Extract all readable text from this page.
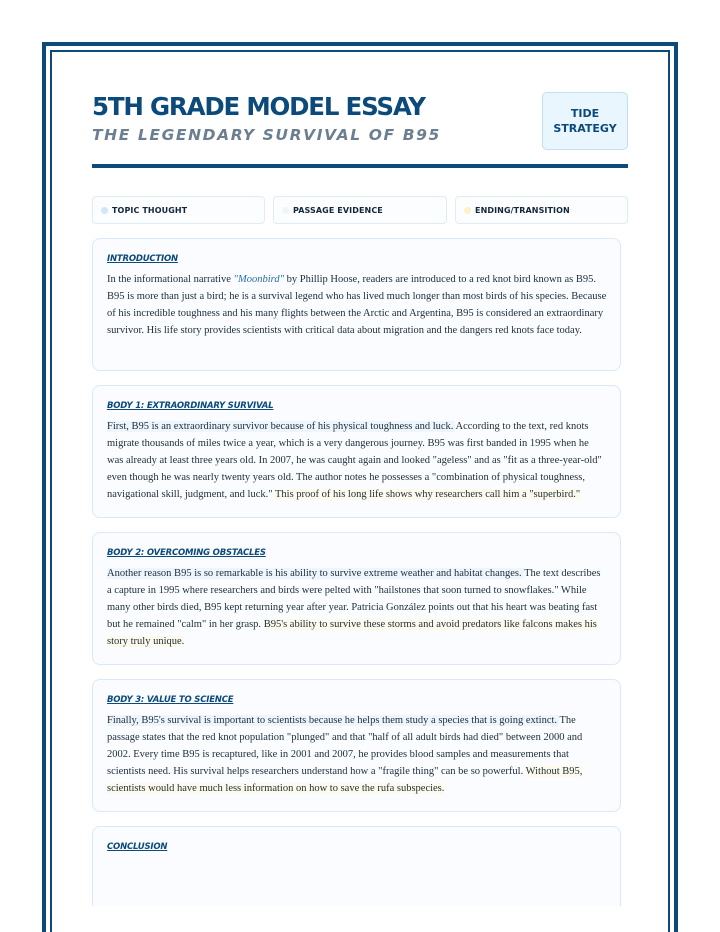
5TH GRADE MODEL ESSAY
THE LEGENDARY SURVIVAL OF B95
TIDE STRATEGY
TOPIC THOUGHT	PASSAGE EVIDENCE	ENDING/TRANSITION
INTRODUCTION
In the informational narrative "Moonbird" by Phillip Hoose, readers are introduced to a red knot bird known as B95. B95 is more than just a bird; he is a survival legend who has lived much longer than most birds of his species. Because of his incredible toughness and his many flights between the Arctic and Argentina, B95 is considered an extraordinary survivor. His life story provides scientists with critical data about migration and the dangers red knots face today.
BODY 1: EXTRAORDINARY SURVIVAL
First, B95 is an extraordinary survivor because of his physical toughness and luck. According to the text, red knots migrate thousands of miles twice a year, which is a very dangerous journey. B95 was first banded in 1995 when he was already at least three years old. In 2007, he was caught again and looked "ageless" and as "fit as a three-year-old" even though he was nearly twenty years old. The author notes he possesses a "combination of physical toughness, navigational skill, judgment, and luck." This proof of his long life shows why researchers call him a "superbird."
BODY 2: OVERCOMING OBSTACLES
Another reason B95 is so remarkable is his ability to survive extreme weather and habitat changes. The text describes a capture in 1995 where researchers and birds were pelted with "hailstones that soon turned to snowflakes." While many other birds died, B95 kept returning year after year. Patricia González points out that his heart was beating fast but he remained "calm" in her grasp. B95's ability to survive these storms and avoid predators like falcons makes his story truly unique.
BODY 3: VALUE TO SCIENCE
Finally, B95's survival is important to scientists because he helps them study a species that is going extinct. The passage states that the red knot population "plunged" and that "half of all adult birds had died" between 2000 and 2002. Every time B95 is recaptured, like in 2001 and 2007, he provides blood samples and measurements that scientists need. His survival helps researchers understand how a "fragile thing" can be so powerful. Without B95, scientists would have much less information on how to save the rufa subspecies.
CONCLUSION
